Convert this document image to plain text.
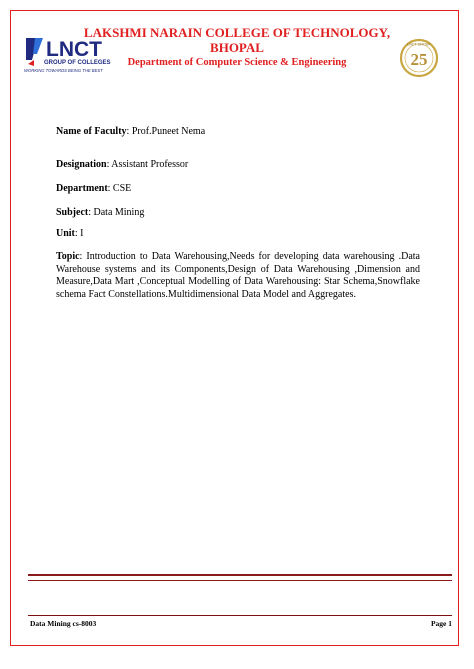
LNCT
GROUP OF COLLEGES
WORKING TOWARDS BEING THE BEST
LNCT GROUP
25
LAKSHMI NARAIN COLLEGE OF TECHNOLOGY,
BHOPAL
Department of Computer Science & Engineering
Name of Faculty: Prof.Puneet Nema
Designation: Assistant Professor
Department: CSE
Subject: Data Mining
Unit: I
Topic: Introduction to Data Warehousing,Needs for developing data warehousing .Data Warehouse systems and its Components,Design of Data Warehousing ,Dimension and Measure,Data Mart ,Conceptual Modelling of Data Warehousing: Star Schema,Snowflake schema Fact Constellations.Multidimensional Data Model and Aggregates.
Data Mining cs-8003	Page 1
